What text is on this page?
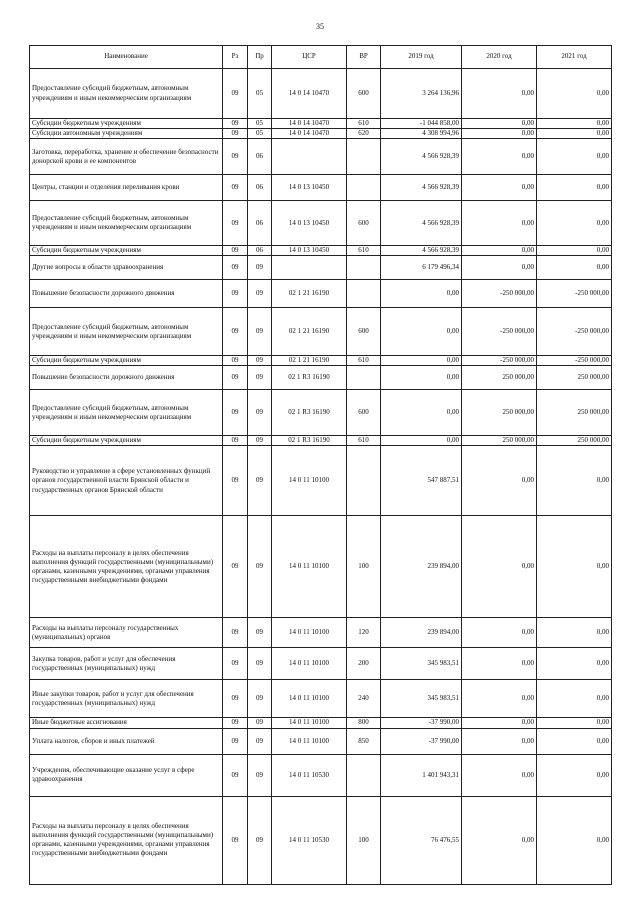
35
Наименование	Рз	Пр	ЦСР	ВР	2019 год	2020 год	2021 год
Предоставление субсидий бюджетным, автономным учреждениям и иным некоммерческим организациям	09	05	14 0 14 10470	600	3 264 136,96	0,00	0,00
Субсидии бюджетным учреждениям	09	05	14 0 14 10470	610	-1 044 858,00	0,00	0,00
Субсидии автономным учреждениям	09	05	14 0 14 10470	620	4 308 994,96	0,00	0,00
Заготовка, переработка, хранение и обеспечение безопасности донорской крови и ее компонентов	09	06			4 566 928,39	0,00	0,00
Центры, станции и отделения переливания крови	09	06	14 0 13 10450		4 566 928,39	0,00	0,00
Предоставление субсидий бюджетным, автономным учреждениям и иным некоммерческим организациям	09	06	14 0 13 10450	600	4 566 928,39	0,00	0,00
Субсидии бюджетным учреждениям	09	06	14 0 13 10450	610	4 566 928,39	0,00	0,00
Другие вопросы в области здравоохранения	09	09			6 179 496,34	0,00	0,00
Повышение безопасности дорожного движения	09	09	02 1 21 16190		0,00	-250 000,00	-250 000,00
Предоставление субсидий бюджетным, автономным учреждениям и иным некоммерческим организациям	09	09	02 1 21 16190	600	0,00	-250 000,00	-250 000,00
Субсидии бюджетным учреждениям	09	09	02 1 21 16190	610	0,00	-250 000,00	-250 000,00
Повышение безопасности дорожного движения	09	09	02 1 R3 16190		0,00	250 000,00	250 000,00
Предоставление субсидий бюджетным, автономным учреждениям и иным некоммерческим организациям	09	09	02 1 R3 16190	600	0,00	250 000,00	250 000,00
Субсидии бюджетным учреждениям	09	09	02 1 R3 16190	610	0,00	250 000,00	250 000,00
Руководство и управление в сфере установленных функций органов государственной власти Брянской области и государственных органов Брянской области	09	09	14 0 11 10100		547 887,51	0,00	0,00
Расходы на выплаты персоналу в целях обеспечения выполнения функций государственными (муниципальными) органами, казенными учреждениями, органами управления государственными внебюджетными фондами	09	09	14 0 11 10100	100	239 894,00	0,00	0,00
Расходы на выплаты персоналу государственных (муниципальных) органов	09	09	14 0 11 10100	120	239 894,00	0,00	0,00
Закупка товаров, работ и услуг для обеспечения государственных (муниципальных) нужд	09	09	14 0 11 10100	200	345 983,51	0,00	0,00
Иные закупки товаров, работ и услуг для обеспечения государственных (муниципальных) нужд	09	09	14 0 11 10100	240	345 983,51	0,00	0,00
Иные бюджетные ассигнования	09	09	14 0 11 10100	800	-37 990,00	0,00	0,00
Уплата налогов, сборов и иных платежей	09	09	14 0 11 10100	850	-37 990,00	0,00	0,00
Учреждения, обеспечивающие оказание услуг в сфере здравоохранения	09	09	14 0 11 10530		1 401 943,31	0,00	0,00
Расходы на выплаты персоналу в целях обеспечения выполнения функций государственными (муниципальными) органами, казенными учреждениями, органами управления государственными внебюджетными фондами	09	09	14 0 11 10530	100	76 476,55	0,00	0,00
